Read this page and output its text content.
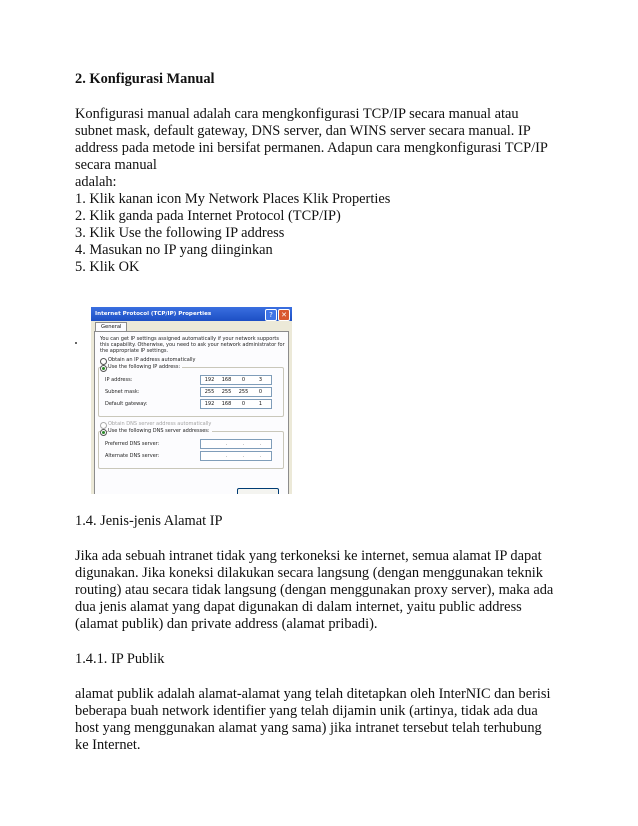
2. Konfigurasi Manual

Konfigurasi manual adalah cara mengkonfigurasi TCP/IP secara manual atau

subnet mask, default gateway, DNS server, dan WINS server secara manual. IP

address pada metode ini bersifat permanen. Adapun cara mengkonfigurasi TCP/IP

secara manual

adalah:

1. Klik kanan icon My Network Places Klik Properties

2. Klik ganda pada Internet Protocol (TCP/IP)

3. Klik Use the following IP address

4. Masukan no IP yang diinginkan

5. Klik OK

Internet Protocol (TCP/IP) Properties	?	✕
General
You can get IP settings assigned automatically if your network supports
this capability. Otherwise, you need to ask your network administrator for
the appropriate IP settings.
Obtain an IP address automatically
Use the following IP address:
IP address:	192 168 0	3
Subnet mask:	255 255 255 0
Default gateway:	192 168 0	1
Obtain DNS server address automatically
Use the following DNS server addresses:
Preferred DNS server:	.	.	.
Alternate DNS server:	.	.	.

1.4. Jenis-jenis Alamat IP

Jika ada sebuah intranet tidak yang terkoneksi ke internet, semua alamat IP dapat

digunakan. Jika koneksi dilakukan secara langsung (dengan menggunakan teknik

routing) atau secara tidak langsung (dengan menggunakan proxy server), maka ada

dua jenis alamat yang dapat digunakan di dalam internet, yaitu public address

(alamat publik) dan private address (alamat pribadi).

1.4.1. IP Publik

alamat publik adalah alamat-alamat yang telah ditetapkan oleh InterNIC dan berisi

beberapa buah network identifier yang telah dijamin unik (artinya, tidak ada dua

host yang menggunakan alamat yang sama) jika intranet tersebut telah terhubung

ke Internet.
